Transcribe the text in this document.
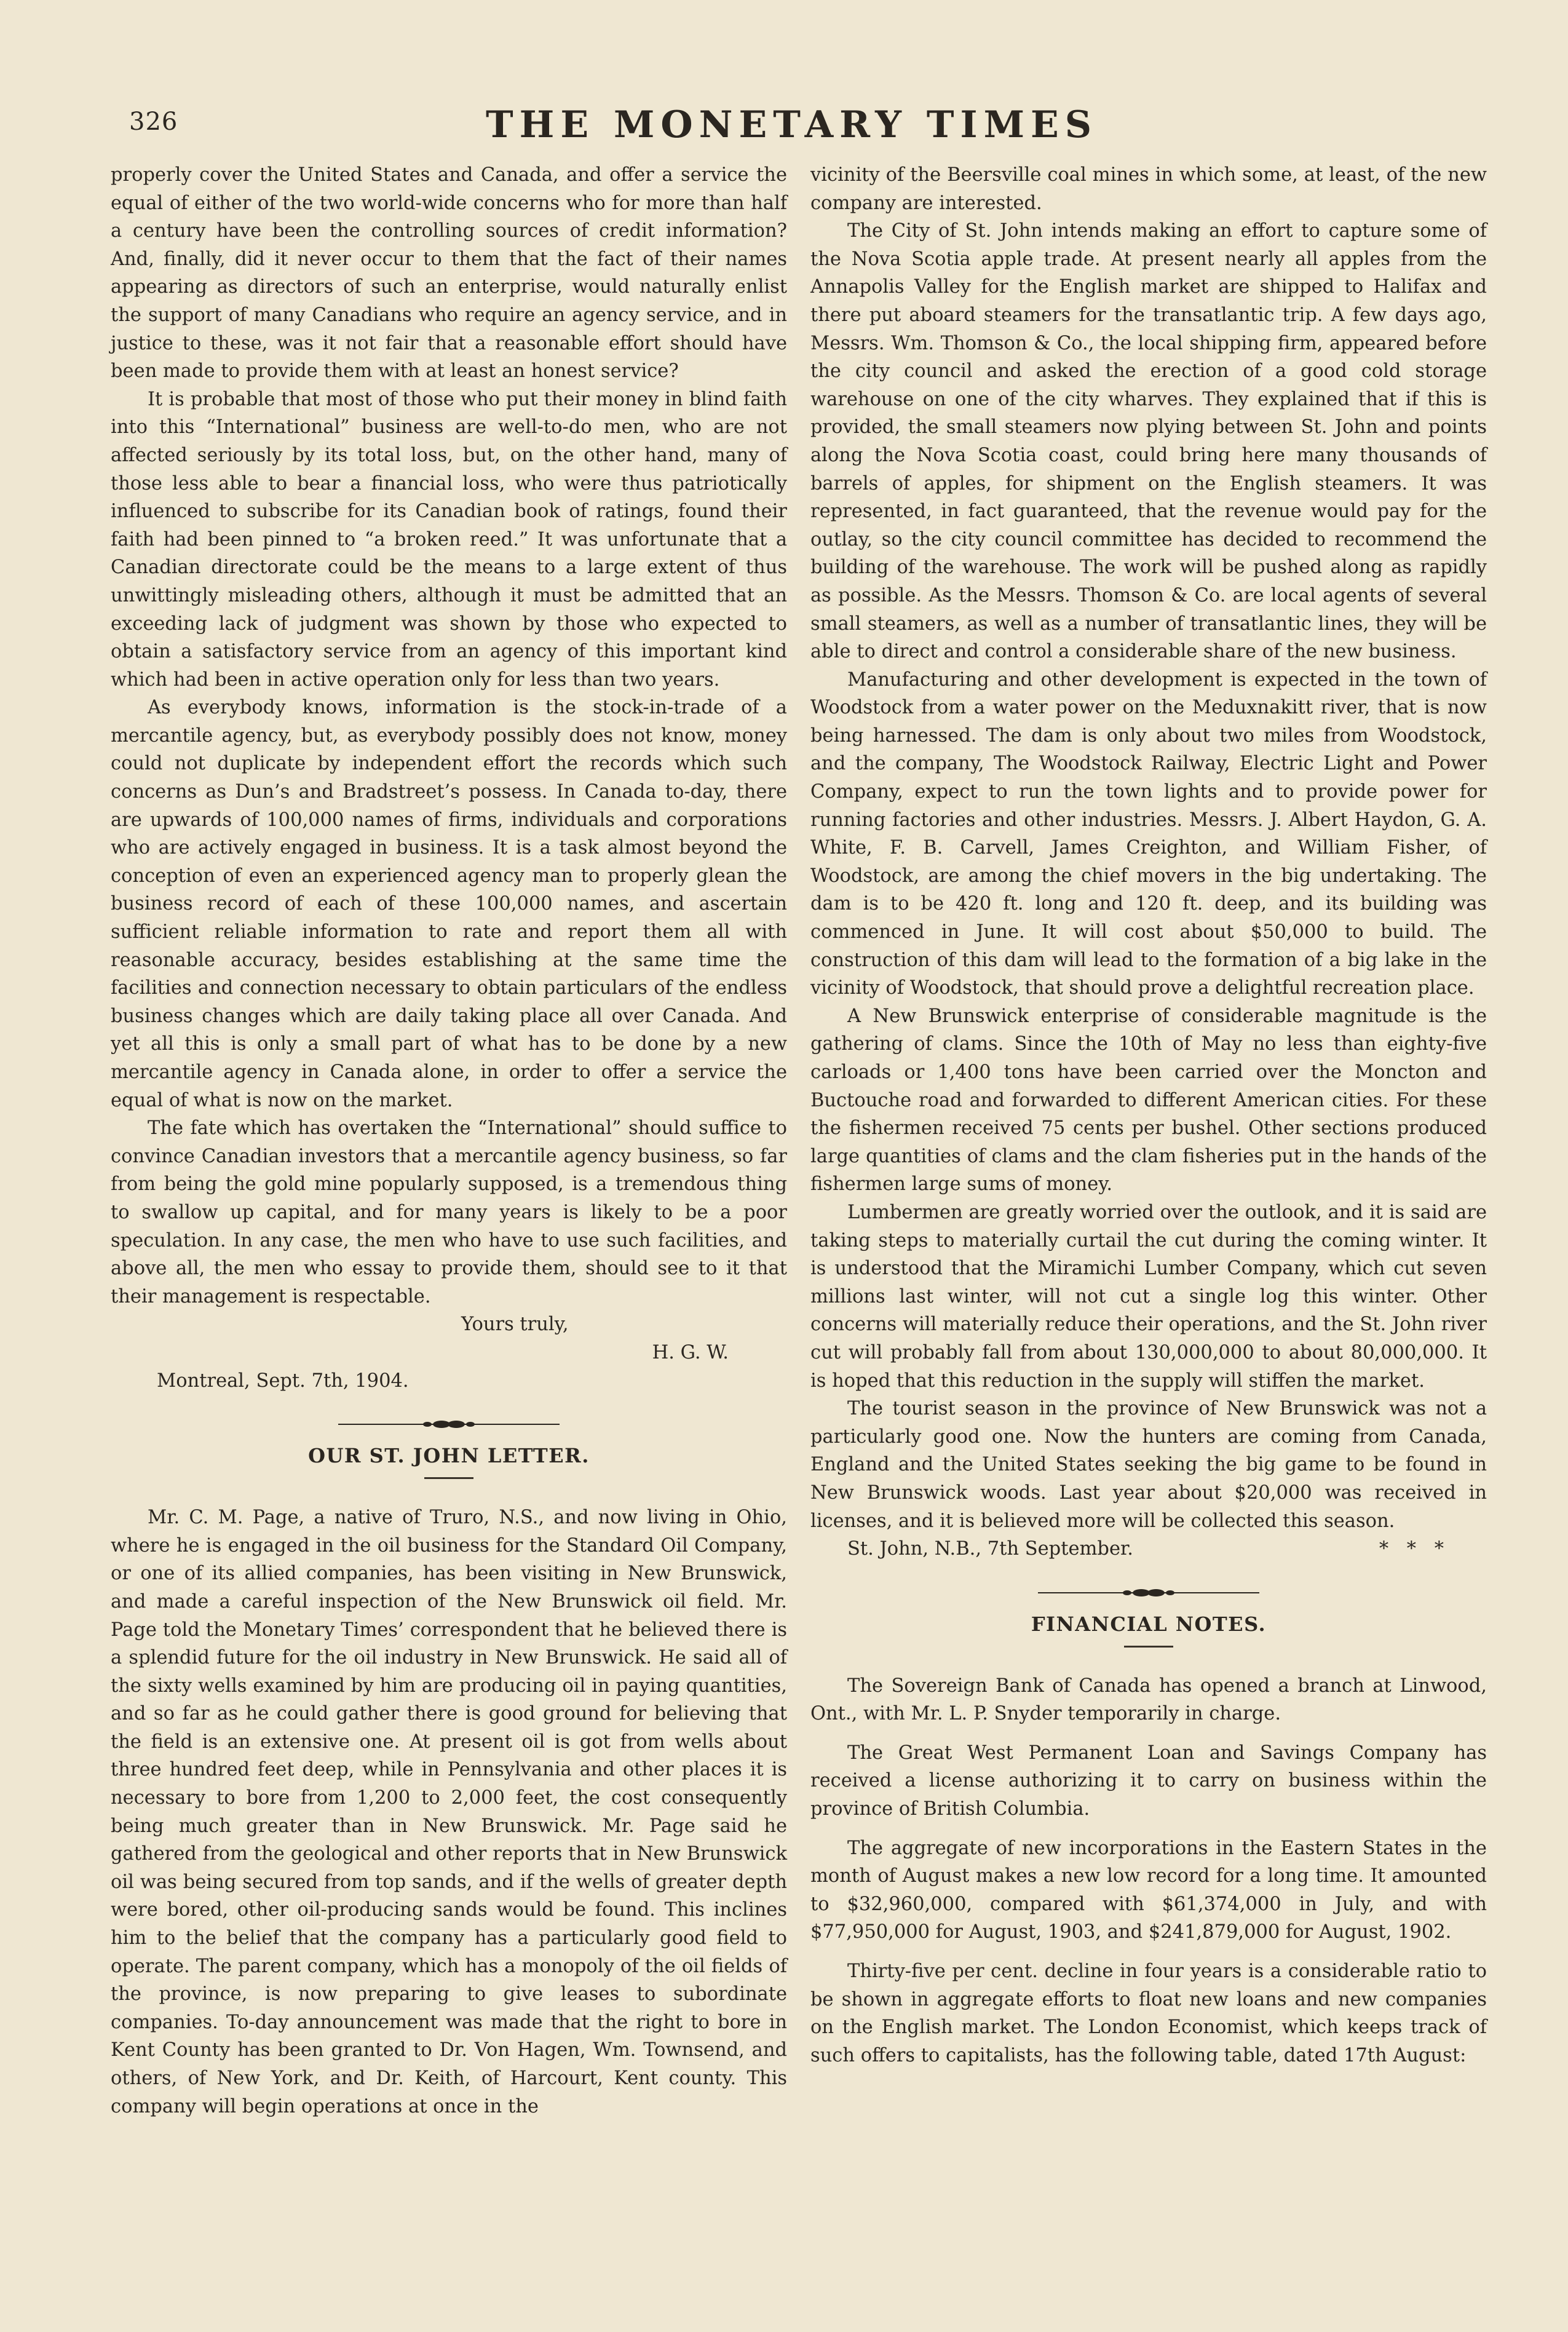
326	THE MONETARY TIMES

properly cover the United States and Canada, and offer a service the equal of either of the two world-wide concerns who for more than half a century have been the controlling sources of credit information? And, finally, did it never occur to them that the fact of their names appearing as directors of such an enterprise, would naturally enlist the support of many Canadians who require an agency service, and in justice to these, was it not fair that a reasonable effort should have been made to provide them with at least an honest service?

It is probable that most of those who put their money in blind faith into this “International” business are well-to-do men, who are not affected seriously by its total loss, but, on the other hand, many of those less able to bear a financial loss, who were thus patriotically influenced to subscribe for its Canadian book of ratings, found their faith had been pinned to “a broken reed.” It was unfortunate that a Canadian directorate could be the means to a large extent of thus unwittingly misleading others, although it must be admitted that an exceeding lack of judgment was shown by those who expected to obtain a satisfactory service from an agency of this important kind which had been in active operation only for less than two years.

As everybody knows, information is the stock-in-trade of a mercantile agency, but, as everybody possibly does not know, money could not duplicate by independent effort the records which such concerns as Dun’s and Bradstreet’s possess. In Canada to-day, there are upwards of 100,000 names of firms, individuals and corporations who are actively engaged in business. It is a task almost beyond the conception of even an experienced agency man to properly glean the business record of each of these 100,000 names, and ascertain sufficient reliable information to rate and report them all with reasonable accuracy, besides establishing at the same time the facilities and connection necessary to obtain particulars of the endless business changes which are daily taking place all over Canada. And yet all this is only a small part of what has to be done by a new mercantile agency in Canada alone, in order to offer a service the equal of what is now on the market.

The fate which has overtaken the “International” should suffice to convince Canadian investors that a mercantile agency business, so far from being the gold mine popularly supposed, is a tremendous thing to swallow up capital, and for many years is likely to be a poor speculation. In any case, the men who have to use such facilities, and above all, the men who essay to provide them, should see to it that their management is respectable.

Yours truly,
H. G. W.
Montreal, Sept. 7th, 1904.
OUR ST. JOHN LETTER.

Mr. C. M. Page, a native of Truro, N.S., and now living in Ohio, where he is engaged in the oil business for the Standard Oil Company, or one of its allied companies, has been visiting in New Brunswick, and made a careful inspection of the New Brunswick oil field. Mr. Page told the Monetary Times’ correspondent that he believed there is a splendid future for the oil industry in New Brunswick. He said all of the sixty wells examined by him are producing oil in paying quantities, and so far as he could gather there is good ground for believing that the field is an extensive one. At present oil is got from wells about three hundred feet deep, while in Pennsylvania and other places it is necessary to bore from 1,200 to 2,000 feet, the cost consequently being much greater than in New Brunswick. Mr. Page said he gathered from the geological and other reports that in New Brunswick oil was being secured from top sands, and if the wells of greater depth were bored, other oil-producing sands would be found. This inclines him to the belief that the company has a particularly good field to operate. The parent company, which has a monopoly of the oil fields of the province, is now preparing to give leases to subordinate companies. To-day announcement was made that the right to bore in Kent County has been granted to Dr. Von Hagen, Wm. Townsend, and others, of New York, and Dr. Keith, of Harcourt, Kent county. This company will begin operations at once in the

vicinity of the Beersville coal mines in which some, at least, of the new company are interested.

The City of St. John intends making an effort to capture some of the Nova Scotia apple trade. At present nearly all apples from the Annapolis Valley for the English market are shipped to Halifax and there put aboard steamers for the transatlantic trip. A few days ago, Messrs. Wm. Thomson & Co., the local shipping firm, appeared before the city council and asked the erection of a good cold storage warehouse on one of the city wharves. They explained that if this is provided, the small steamers now plying between St. John and points along the Nova Scotia coast, could bring here many thousands of barrels of apples, for shipment on the English steamers. It was represented, in fact guaranteed, that the revenue would pay for the outlay, so the city council committee has decided to recommend the building of the warehouse. The work will be pushed along as rapidly as possible. As the Messrs. Thomson & Co. are local agents of several small steamers, as well as a number of transatlantic lines, they will be able to direct and control a considerable share of the new business.

Manufacturing and other development is expected in the town of Woodstock from a water power on the Meduxnakitt river, that is now being harnessed. The dam is only about two miles from Woodstock, and the company, The Woodstock Railway, Electric Light and Power Company, expect to run the town lights and to provide power for running factories and other industries. Messrs. J. Albert Haydon, G. A. White, F. B. Carvell, James Creighton, and William Fisher, of Woodstock, are among the chief movers in the big undertaking. The dam is to be 420 ft. long and 120 ft. deep, and its building was commenced in June. It will cost about $50,000 to build. The construction of this dam will lead to the formation of a big lake in the vicinity of Woodstock, that should prove a delightful recreation place.

A New Brunswick enterprise of considerable magnitude is the gathering of clams. Since the 10th of May no less than eighty-five carloads or 1,400 tons have been carried over the Moncton and Buctouche road and forwarded to different American cities. For these the fishermen received 75 cents per bushel. Other sections produced large quantities of clams and the clam fisheries put in the hands of the fishermen large sums of money.

Lumbermen are greatly worried over the outlook, and it is said are taking steps to materially curtail the cut during the coming winter. It is understood that the Miramichi Lumber Company, which cut seven millions last winter, will not cut a single log this winter. Other concerns will materially reduce their operations, and the St. John river cut will probably fall from about 130,000,000 to about 80,000,000. It is hoped that this reduction in the supply will stiffen the market.

The tourist season in the province of New Brunswick was not a particularly good one. Now the hunters are coming from Canada, England and the United States seeking the big game to be found in New Brunswick woods. Last year about $20,000 was received in licenses, and it is believed more will be collected this season.

St. John, N.B., 7th September.	* * *

FINANCIAL NOTES.

The Sovereign Bank of Canada has opened a branch at Linwood, Ont., with Mr. L. P. Snyder temporarily in charge.

The Great West Permanent Loan and Savings Company has received a license authorizing it to carry on business within the province of British Columbia.

The aggregate of new incorporations in the Eastern States in the month of August makes a new low record for a long time. It amounted to $32,960,000, compared with $61,374,000 in July, and with $77,950,000 for August, 1903, and $241,879,000 for August, 1902.

Thirty-five per cent. decline in four years is a considerable ratio to be shown in aggregate efforts to float new loans and new companies on the English market. The London Economist, which keeps track of such offers to capitalists, has the following table, dated 17th August:
